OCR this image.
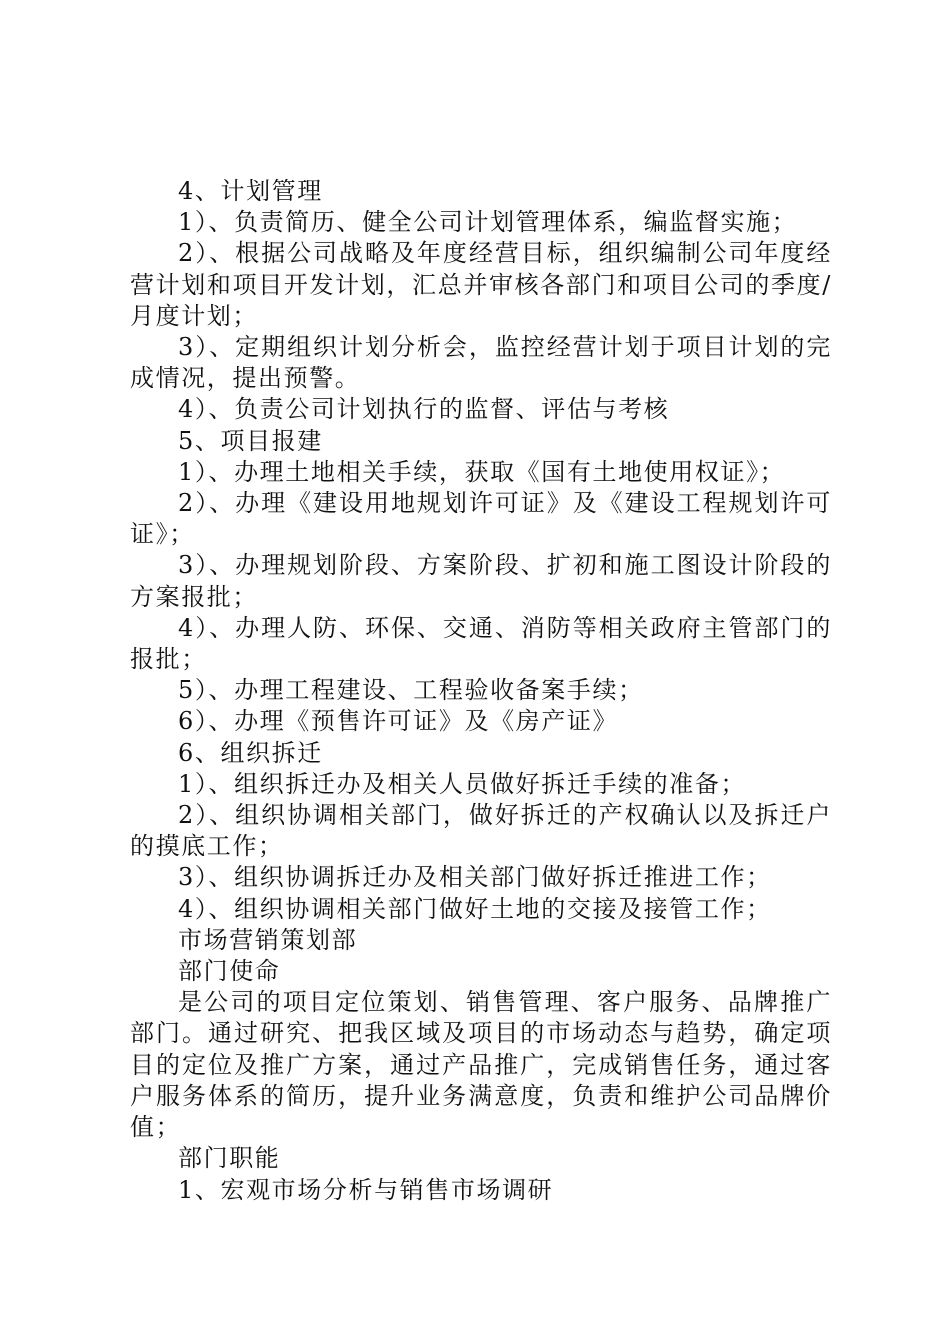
4、计划管理

1）、负责简历、健全公司计划管理体系，编监督实施；

2）、根据公司战略及年度经营目标，组织编制公司年度经营计划和项目开发计划，汇总并审核各部门和项目公司的季度/月度计划；

3）、定期组织计划分析会，监控经营计划于项目计划的完成情况，提出预警。

4）、负责公司计划执行的监督、评估与考核

5、项目报建

1）、办理土地相关手续，获取《国有土地使用权证》；

2）、办理《建设用地规划许可证》及《建设工程规划许可证》；

3）、办理规划阶段、方案阶段、扩初和施工图设计阶段的方案报批；

4）、办理人防、环保、交通、消防等相关政府主管部门的报批；

5）、办理工程建设、工程验收备案手续；

6）、办理《预售许可证》及《房产证》

6、组织拆迁

1）、组织拆迁办及相关人员做好拆迁手续的准备；

2）、组织协调相关部门，做好拆迁的产权确认以及拆迁户的摸底工作；

3）、组织协调拆迁办及相关部门做好拆迁推进工作；

4）、组织协调相关部门做好土地的交接及接管工作；

市场营销策划部

部门使命

是公司的项目定位策划、销售管理、客户服务、品牌推广部门。通过研究、把我区域及项目的市场动态与趋势，确定项目的定位及推广方案，通过产品推广，完成销售任务，通过客户服务体系的简历，提升业务满意度，负责和维护公司品牌价值；

部门职能

1、宏观市场分析与销售市场调研
